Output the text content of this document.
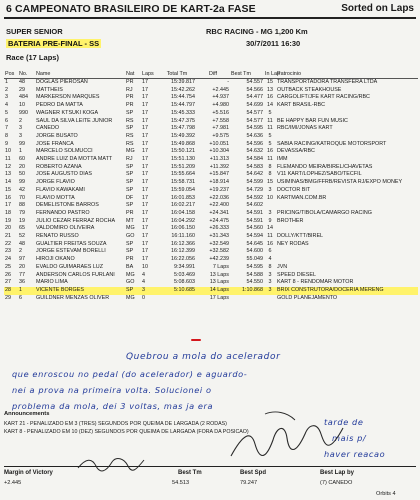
6 CAMPEONATO BRASILEIRO DE KART-2a FASE	Sorted on Laps
SUPER SENIOR	RBC RACING - MG 1,200 Km
BATERIA PRE-FINAL - SS	30/7/2011 16:30
Race (17 Laps)
Pos	No.	Name	Nat	Laps	Total Tm	Diff	Best Tm	In Lap	Patrocinio
1	48	DOGLAS PIEROSAN	PR	17	15:39.817	-	54.557	15	TRANSPORTADORA TRANSFERA LTDA
2	29	MATTHEIS	RJ	17	15:42.262	+2.445	54.566	13	OUTBACK STEAKHOUSE
3	484	MARKERSON MARQUES	PR	17	15:44.754	+4.937	54.477	16	CARGOLIFT/JFE KART RACING/RBC
4	10	PEDRO DA MATTA	PR	17	15:44.797	+4.980	54.699	14	KART BRASIL-RBC
5	990	WAGNER KTSUKI KOGA	SP	17	15:45.333	+5.516	54.577	5	
6	2	SAUL DA SILVA LEITE JUNIOR	RS	17	15:47.375	+7.558	54.577	11	BE HAPPY BAR FUN MUSIC
7	3	CANEDO	SP	17	15:47.798	+7.981	54.595	11	RBC/IMI/JONAS KART
8	3	JORGE BUSATO	RS	17	15:49.392	+9.575	54.636	5	
9	99	JOSE FRANCA	RS	17	15:49.868	+10.051	54.596	5	SABIA RACING/KATROQUE MOTORSPORT
10	1	MARCELO SOLMUCCI	MG	17	15:50.121	+10.304	54.632	16	DEVASSA/RBC
11	60	ANDRE LUIZ DA MOTTA MATT	RJ	17	15:51.130	+11.313	54.584	11	IMM
12	20	ROBERTO AZANA	SP	17	15:51.209	+11.392	54.583	8	FLEMANDO MEIRA/BIREL/CHAVETAS
13	50	JOSE AUGUSTO DIAS	SP	17	15:55.664	+15.847	54.642	8	V11 KART/LOPHEZ/SABO/TECFIL
14	99	JORGE FLAVIO	SP	17	15:58.731	+18.914	54.599	15	USIMINAS/BMG/FFRB/REVISTA RJ/EXPO MONEY
15	42	FLAVIO KAWAKAMI	SP	17	15:59.054	+19.237	54.729	3	DOCTOR BIT
16	70	FLAVIO MOTTA	DF	17	16:01.853	+22.036	54.592	10	KARTMAN.COM.BR
17	88	DEMELISTONE BARROS	SP	17	16:02.217	+22.400	54.602		
18	79	FERNANDO PASTRO	PR	17	16:04.158	+24.341	54.591	3	PRICING/TIBOLA/CAMARGO RACING
19	19	JULIO CEZAR FERRAZ ROCHA	MT	17	16:04.292	+24.475	54.591	9	BROTHER
20	65	VALDOMIRO OLIVEIRA	MG	17	16:06.150	+26.333	54.560	14	
21	52	RENATO RUSSO	GO	17	16:11.160	+31.343	54.594	11	DOLLY/KTT/BIREL
22	48	GUALTIER FREITAS SOUZA	SP	17	16:12.366	+32.549	54.645	16	NEY RODAS
23	2	JORGE ESTEVAM BORELLI	SP	17	16:12.399	+32.582	54.600	6	
24	97	HIROJI OKANO	PR	17	16:22.056	+42.239	55.049	4	
25	20	EVALDO GUIMARAES LUZ	BA	10	9:34.991	7 Laps	54.595	8	JVN
26	77	ANDERSON CARLOS FURLANI	MG	4	5:03.469	13 Laps	54.588	3	SPEED DIESEL
27	36	MARIO LIMA	GO	4	5:08.603	13 Laps	54.550	3	KART 8 - RENDOMAR MOTOR
28	1	VICENTE BORGES	SP	3	5:10.685	14 Laps	1:10.868	3	BRIX CONSTRUTORA/DOCERIA MERENG
29	6	GUILDNER MENZAS OLIVER	MG	0		17 Laps			GOLD PLANEJAMENTO
Quebrou a mola do acelerador
que enroscou no pedal (do acelerador) e aguardo-
nei a prova na primeira volta. Solucionei o
problema da mola, dei 3 voltas, mas ja era
tarde de
mais p/
haver reacao
Announcements
KART 21 - PENALIZADO EM 3 (TRES) SEGUNDOS POR QUEIMA DE LARGADA (2 RODAS)
KART 8 - PENALIZADO EM 10 (DEZ) SEGUNDOS POR QUEIMA DE LARGADA (FORA DA POSICAO)
Margin of Victory
+2.445
Best Tm
54.513
Best Spd
79.247
Best Lap by
(7) CANEDO
Orbits 4
